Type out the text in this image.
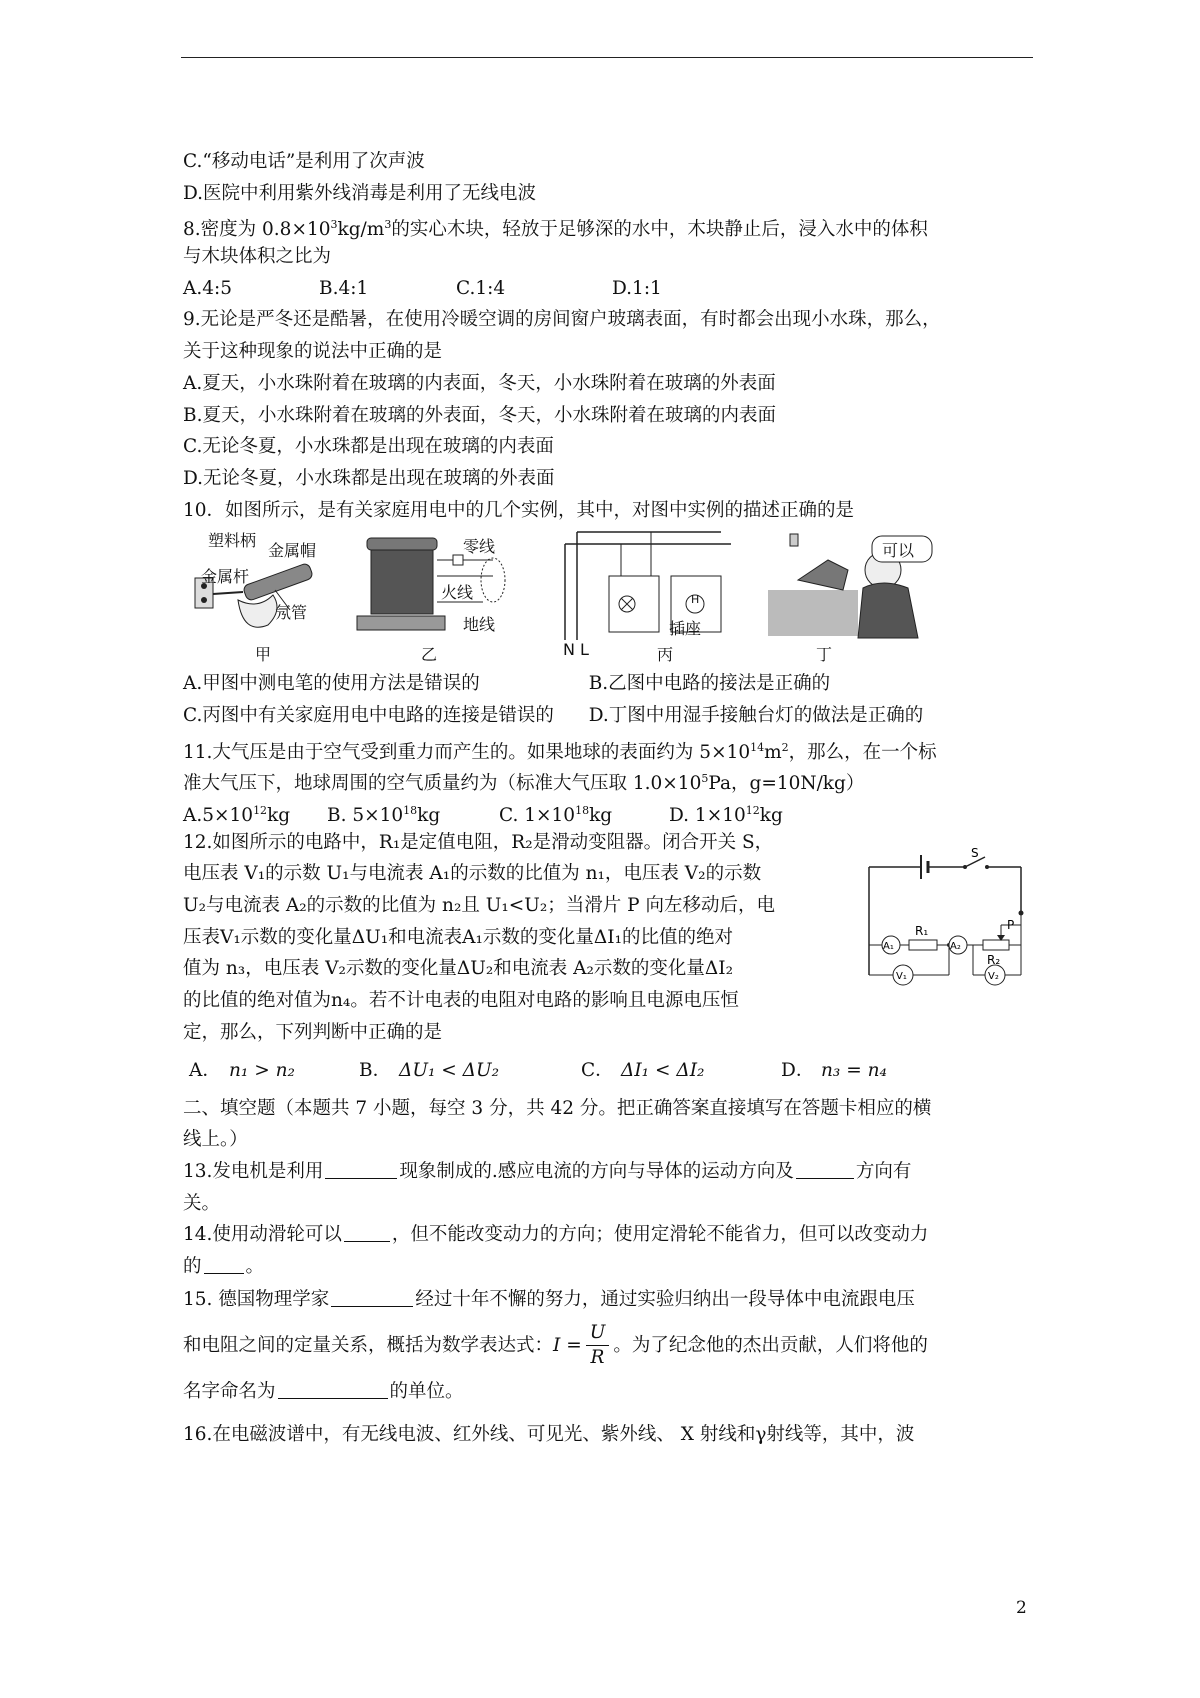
C.“移动电话”是利用了次声波
D.医院中利用紫外线消毒是利用了无线电波
8.密度为 $0.8\times 10^3kg/m^3$的实心木块，轻放于足够深的水中，木块静止后，浸入水中的体积
与木块体积之比为
A.4:5	B.4:1	C.1:4	D.1:1
9.无论是严冬还是酷暑，在使用冷暖空调的房间窗户玻璃表面，有时都会出现小水珠，那么，
关于这种现象的说法中正确的是
A.夏天，小水珠附着在玻璃的内表面，冬天，小水珠附着在玻璃的外表面
B.夏天，小水珠附着在玻璃的外表面，冬天，小水珠附着在玻璃的内表面
C.无论冬夏，小水珠都是出现在玻璃的内表面
D.无论冬夏，小水珠都是出现在玻璃的外表面
10．如图所示，是有关家庭用电中的几个实例，其中，对图中实例的描述正确的是
塑料柄
金属帽
金属杆
氖管
甲
零线
火线
地线
乙
H
插座
N L	丙
可以
丁
A.甲图中测电笔的使用方法是错误的	B.乙图中电路的接法是正确的
C.丙图中有关家庭用电中电路的连接是错误的	D.丁图中用湿手接触台灯的做法是正确的
11.大气压是由于空气受到重力而产生的。如果地球的表面约为 $5\times 10^{14}m^2$，那么，在一个标
准大气压下，地球周围的空气质量约为（标准大气压取 $1.0\times 10^5Pa$，g=10N/kg）
$A.5\times 10^{12}kg$	B. $5\times 10^{18}kg$	C. $1\times 10^{18}kg$	D. $1\times 10^{12}kg$
12.如图所示的电路中，R₁是定值电阻，R₂是滑动变阻器。闭合开关 S，
电压表 V₁的示数 U₁与电流表 A₁的示数的比值为 n₁，电压表 V₂的示数
U₂与电流表 A₂的示数的比值为 n₂且 U₁<U₂；当滑片 P 向左移动后，电
压表V₁示数的变化量ΔU₁和电流表A₁示数的变化量ΔI₁的比值的绝对
值为 n₃，电压表 V₂示数的变化量ΔU₂和电流表 A₂示数的变化量ΔI₂
的比值的绝对值为n₄。若不计电表的电阻对电路的影响且电源电压恒
定，那么，下列判断中正确的是
S
R₁
R₂
P
A₁	A₂
V₁	V₂
A． n₁ > n₂	B． ΔU₁ < ΔU₂	C． ΔI₁ < ΔI₂	D． n₃ = n₄
二、填空题（本题共 7 小题，每空 3 分，共 42 分。把正确答案直接填写在答题卡相应的横
线上。）
13.发电机是利用	现象制成的.感应电流的方向与导体的运动方向及	方向有
关。
14.使用动滑轮可以	，但不能改变动力的方向；使用定滑轮不能省力，但可以改变动力
的 。
15. 德国物理学家	经过十年不懈的努力，通过实验归纳出一段导体中电流跟电压
和电阻之间的定量关系，概括为数学表达式：$I = \frac{U}{R}$ 。为了纪念他的杰出贡献，人们将他的
名字命名为	的单位。
16.在电磁波谱中，有无线电波、红外线、可见光、紫外线、 X 射线和γ射线等，其中，波
2
